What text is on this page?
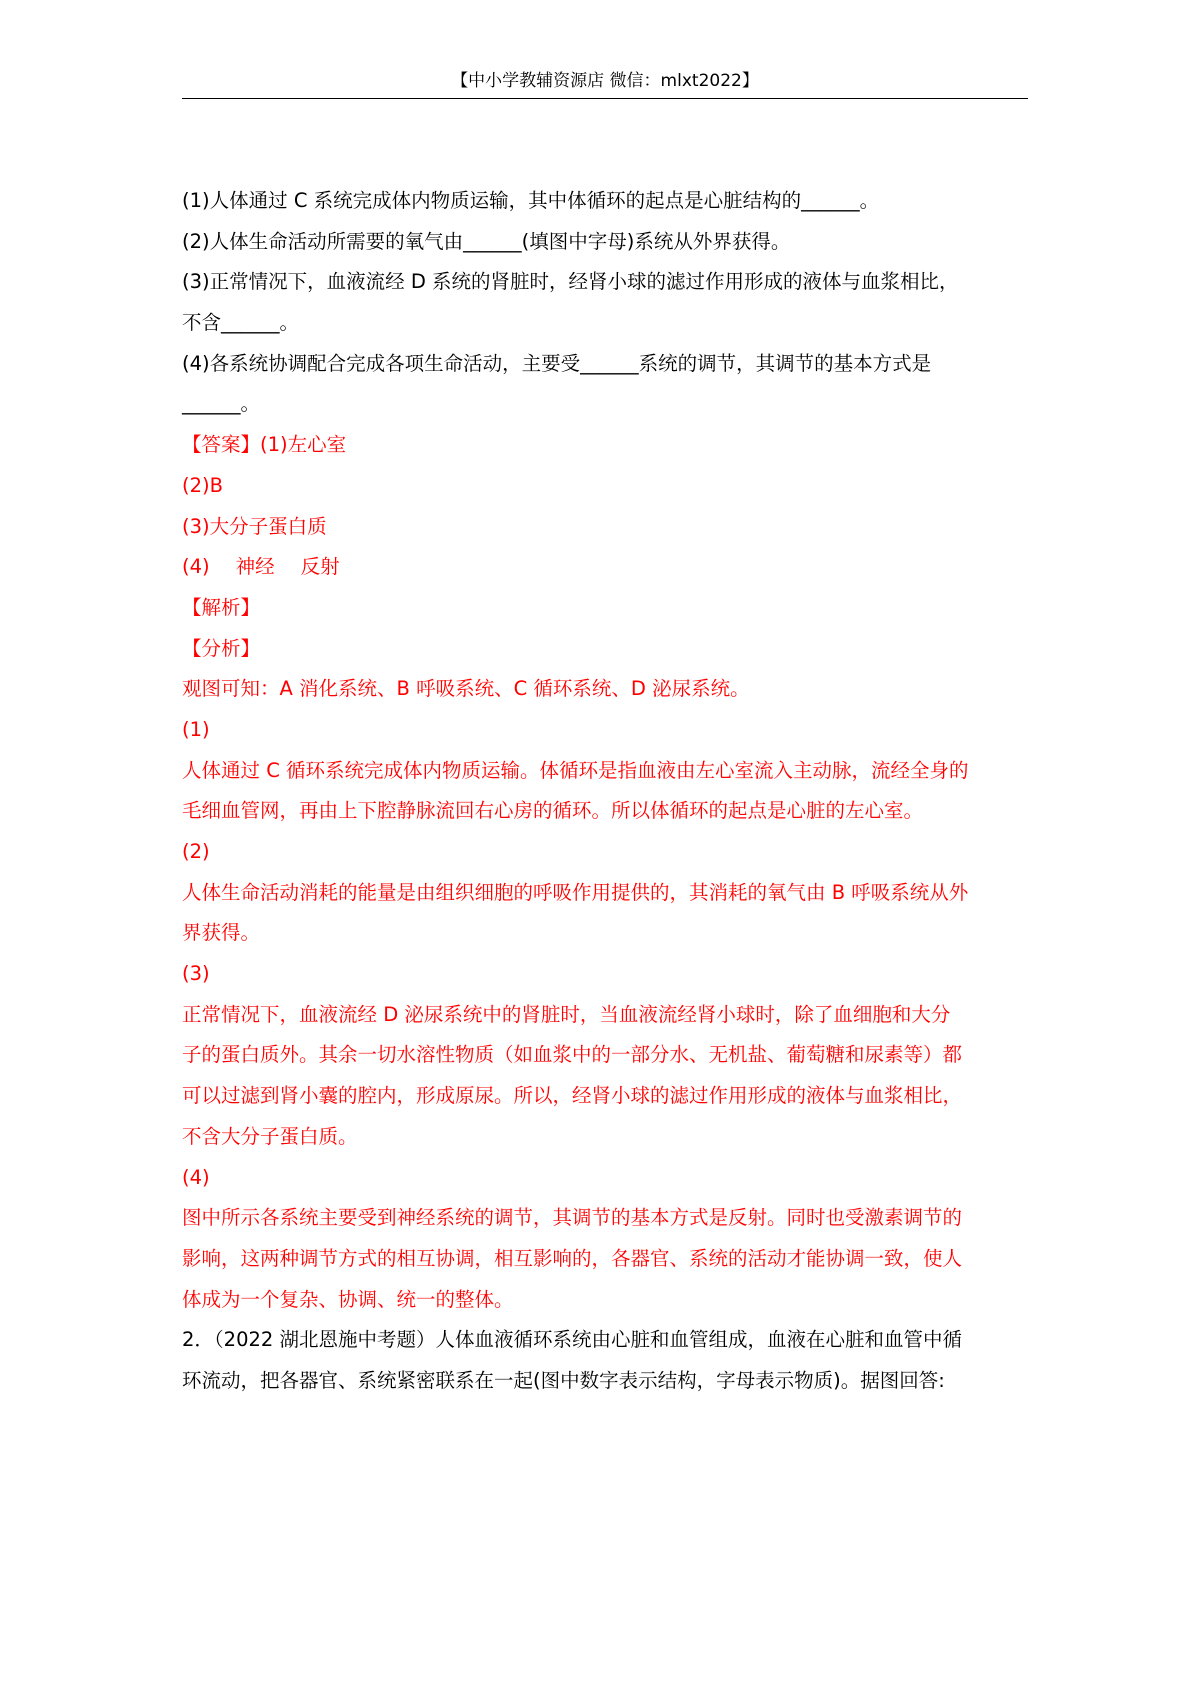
【中小学教辅资源店 微信：mlxt2022】
(1)人体通过 C 系统完成体内物质运输，其中体循环的起点是心脏结构的______。
(2)人体生命活动所需要的氧气由______(填图中字母)系统从外界获得。
(3)正常情况下，血液流经 D 系统的肾脏时，经肾小球的滤过作用形成的液体与血浆相比，
不含______。
(4)各系统协调配合完成各项生命活动，主要受______系统的调节，其调节的基本方式是
______。
【答案】(1)左心室
(2)B
(3)大分子蛋白质
(4) 神经 反射
【解析】
【分析】
观图可知：A 消化系统、B 呼吸系统、C 循环系统、D 泌尿系统。
(1)
人体通过 C 循环系统完成体内物质运输。体循环是指血液由左心室流入主动脉，流经全身的
毛细血管网，再由上下腔静脉流回右心房的循环。所以体循环的起点是心脏的左心室。
(2)
人体生命活动消耗的能量是由组织细胞的呼吸作用提供的，其消耗的氧气由 B 呼吸系统从外
界获得。
(3)
正常情况下，血液流经 D 泌尿系统中的肾脏时，当血液流经肾小球时，除了血细胞和大分
子的蛋白质外。其余一切水溶性物质（如血浆中的一部分水、无机盐、葡萄糖和尿素等）都
可以过滤到肾小囊的腔内，形成原尿。所以，经肾小球的滤过作用形成的液体与血浆相比，
不含大分子蛋白质。
(4)
图中所示各系统主要受到神经系统的调节，其调节的基本方式是反射。同时也受激素调节的
影响，这两种调节方式的相互协调，相互影响的，各器官、系统的活动才能协调一致，使人
体成为一个复杂、协调、统一的整体。
2．（2022 湖北恩施中考题）人体血液循环系统由心脏和血管组成，血液在心脏和血管中循
环流动，把各器官、系统紧密联系在一起(图中数字表示结构，字母表示物质)。据图回答:
